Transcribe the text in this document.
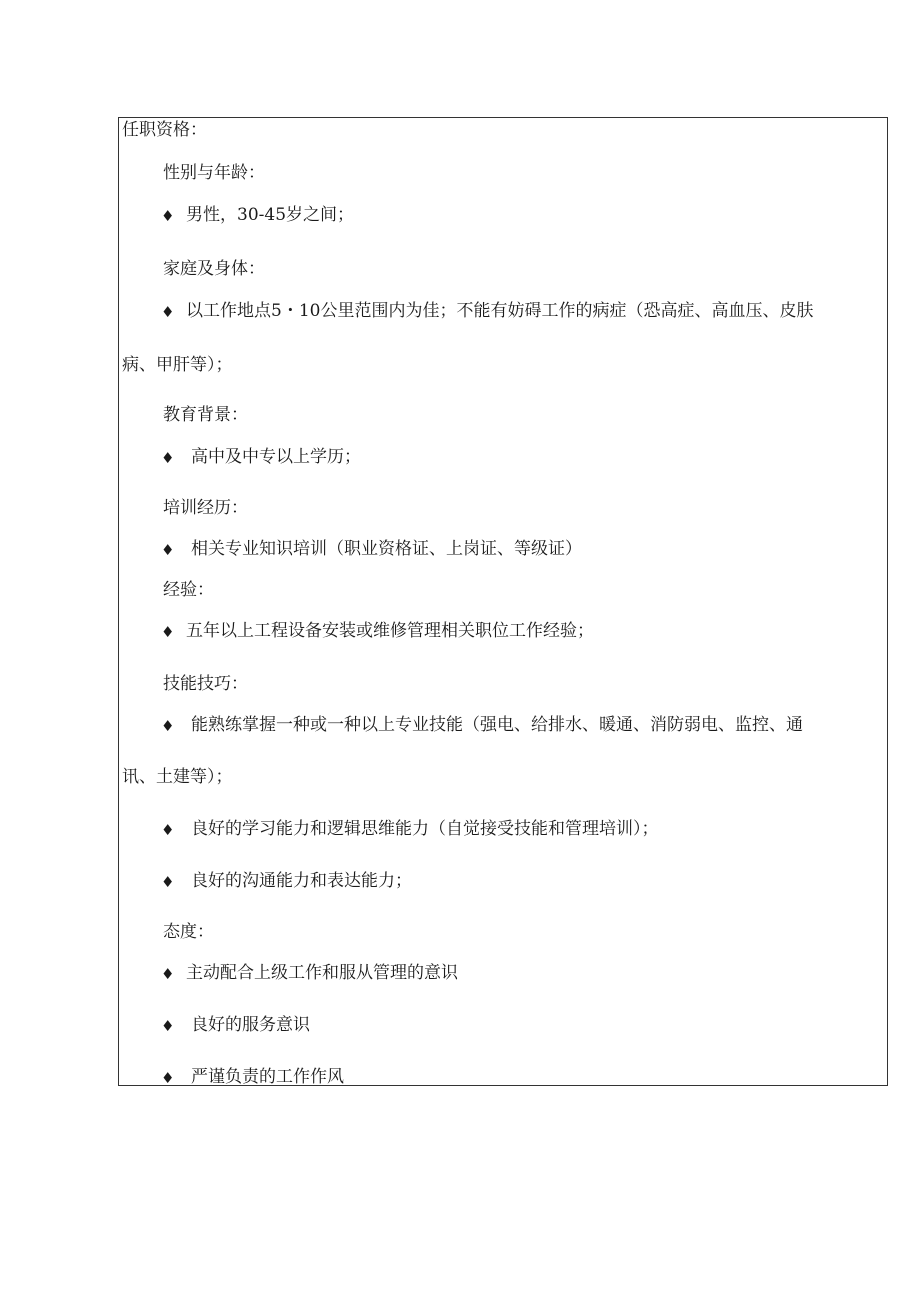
任职资格：
性别与年龄：
♦ 男性，30-45岁之间；
家庭及身体：
♦ 以工作地点5・10公里范围内为佳；不能有妨碍工作的病症（恐高症、高血压、皮肤
病、甲肝等）；
教育背景：
♦ 高中及中专以上学历；
培训经历：
♦ 相关专业知识培训（职业资格证、上岗证、等级证）
经验：
♦ 五年以上工程设备安装或维修管理相关职位工作经验；
技能技巧：
♦ 能熟练掌握一种或一种以上专业技能（强电、给排水、暖通、消防弱电、监控、通
讯、土建等）；
♦ 良好的学习能力和逻辑思维能力（自觉接受技能和管理培训）；
♦ 良好的沟通能力和表达能力；
态度：
♦ 主动配合上级工作和服从管理的意识
♦ 良好的服务意识
♦ 严谨负责的工作作风
